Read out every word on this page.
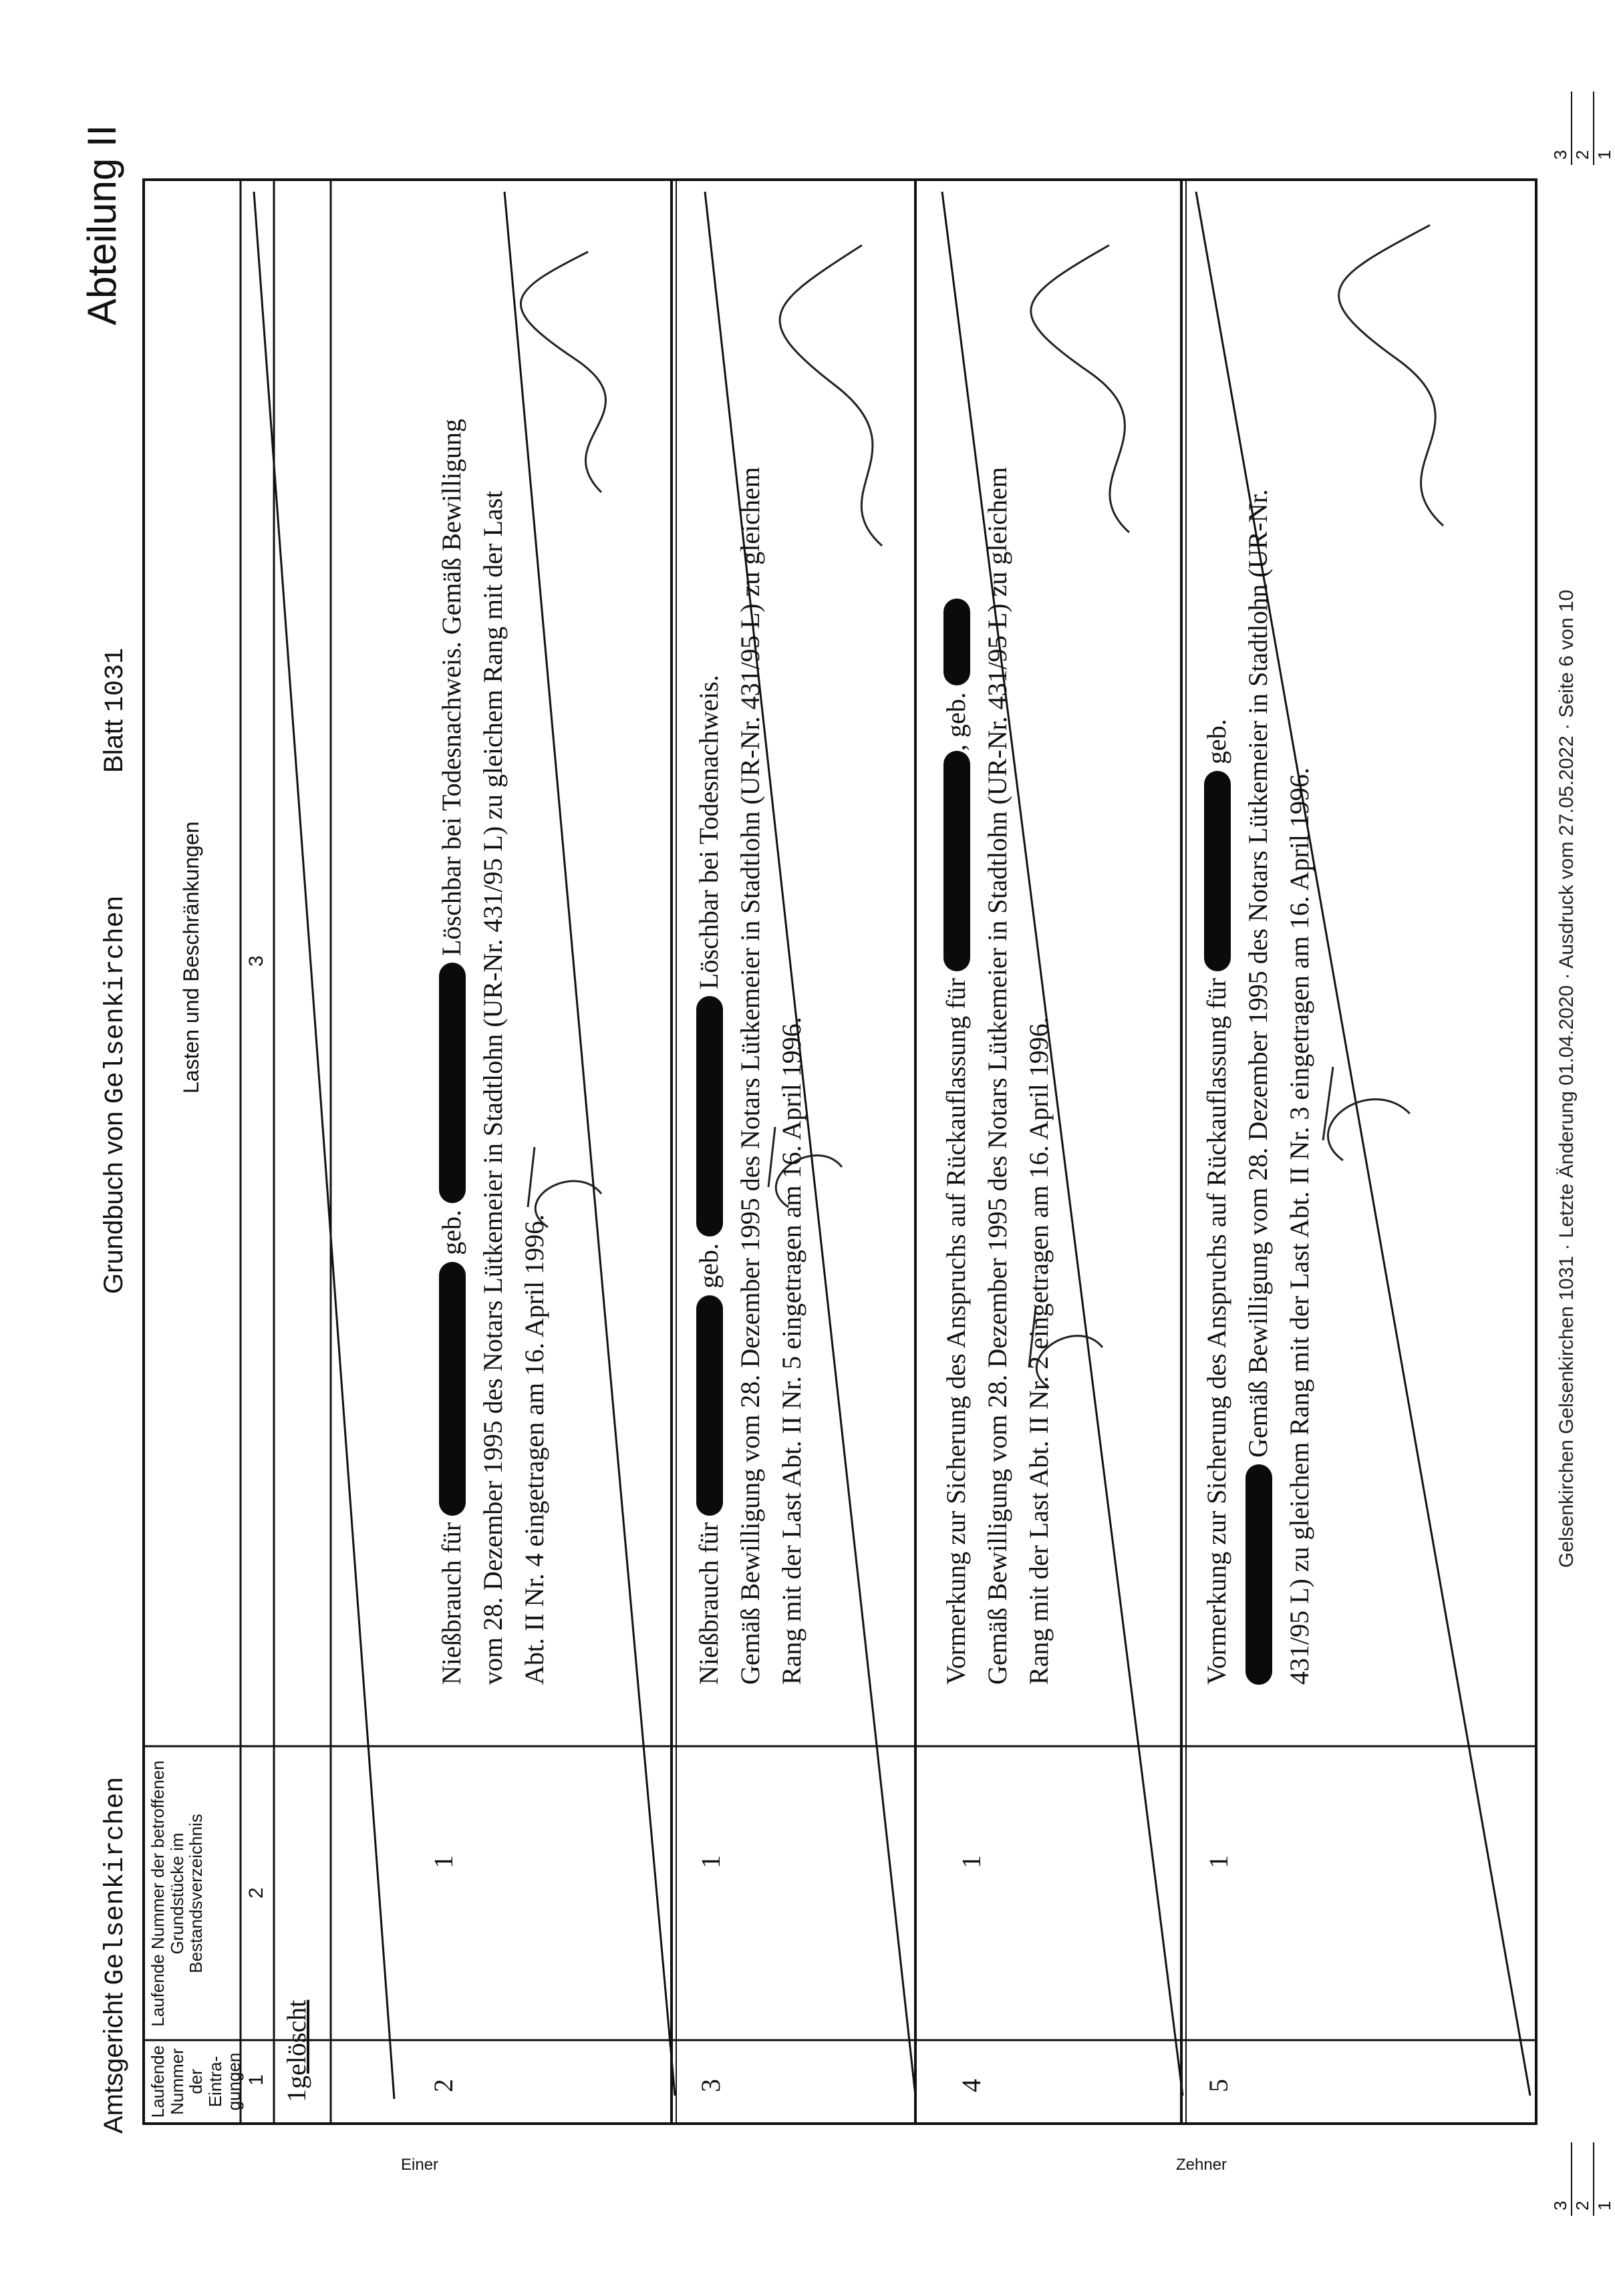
Amtsgericht Gelsenkirchen
Grundbuch von Gelsenkirchen
Blatt 1031
Abteilung II
Laufende Nummer der Eintra-gungen
Laufende Nummer der betroffenen Grundstücke im Bestandsverzeichnis
Lasten und Beschränkungen
1
2
3
1gelöscht	2
1
Nießbrauch für  geb.  Löschbar bei Todesnachweis. Gemäß Bewilligung vom 28. Dezember 1995 des Notars Lütkemeier in Stadtlohn (UR-Nr. 431/95 L) zu gleichem Rang mit der Last Abt. II Nr. 4 eingetragen am 16. April 1996.
3
1
Nießbrauch für  geb.  Löschbar bei Todesnachweis. Gemäß Bewilligung vom 28. Dezember 1995 des Notars Lütkemeier in Stadtlohn (UR-Nr. 431/95 L) zu gleichem Rang mit der Last Abt. II Nr. 5 eingetragen am 16. April 1996.
4
1
Vormerkung zur Sicherung des Anspruchs auf Rückauflassung für , geb. Gemäß Bewilligung vom 28. Dezember 1995 des Notars Lütkemeier in Stadtlohn (UR-Nr. 431/95 L) zu gleichem Rang mit der Last Abt. II Nr. 2 eingetragen am 16. April 1996.
5
1
Vormerkung zur Sicherung des Anspruchs auf Rückauflassung für  geb. Gemäß Bewilligung vom 28. Dezember 1995 des Notars Lütkemeier in Stadtlohn (UR-Nr. 431/95 L) zu gleichem Rang mit der Last Abt. II Nr. 3 eingetragen am 16. April 1996.
Einer	Zehner
3 2 1
3 2 1
Gelsenkirchen Gelsenkirchen 1031 · Letzte Änderung 01.04.2020 · Ausdruck vom 27.05.2022 · Seite 6 von 10
